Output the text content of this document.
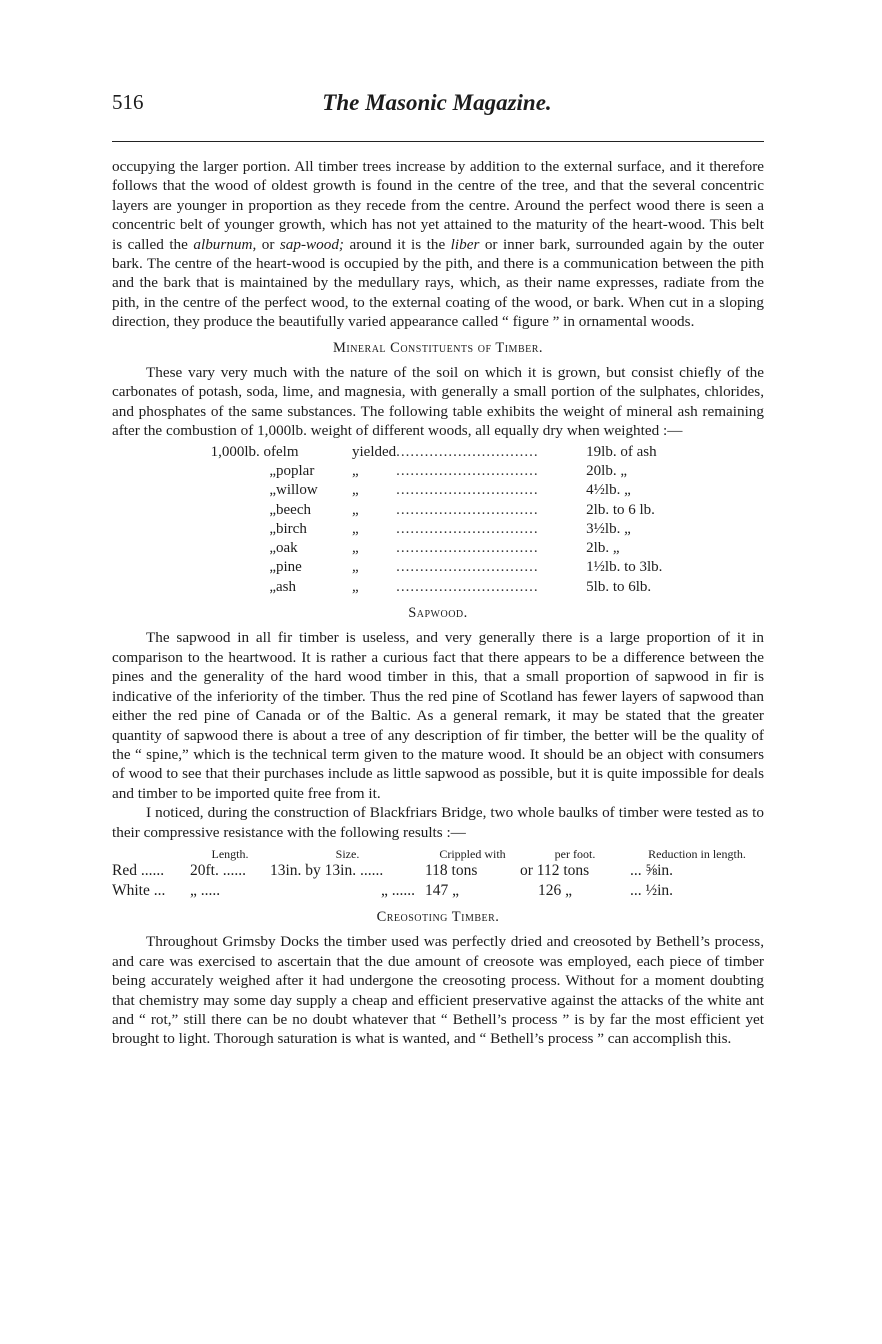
516	The Masonic Magazine.

occupying the larger portion. All timber trees increase by addition to the external surface, and it therefore follows that the wood of oldest growth is found in the centre of the tree, and that the several concentric layers are younger in proportion as they recede from the centre. Around the perfect wood there is seen a concentric belt of younger growth, which has not yet attained to the maturity of the heart-wood. This belt is called the alburnum, or sap-wood; around it is the liber or inner bark, surrounded again by the outer bark. The centre of the heart-wood is occupied by the pith, and there is a communication between the pith and the bark that is maintained by the medullary rays, which, as their name expresses, radiate from the pith, in the centre of the perfect wood, to the external coating of the wood, or bark. When cut in a sloping direction, they produce the beautifully varied appearance called “ figure ” in ornamental woods.

Mineral Constituents of Timber.

These vary very much with the nature of the soil on which it is grown, but consist chiefly of the carbonates of potash, soda, lime, and magnesia, with generally a small portion of the sulphates, chlorides, and phosphates of the same substances. The following table exhibits the weight of mineral ash remaining after the combustion of 1,000lb. weight of different woods, all equally dry when weighted :—

1,000lb. of	elm	yielded	..............................	19lb. of ash
„	poplar	„	..............................	20lb. „
„	willow	„	..............................	4½lb. „
„	beech	„	..............................	2lb. to 6 lb.
„	birch	„	..............................	3½lb. „
„	oak	„	..............................	2lb. „
„	pine	„	..............................	1½lb. to 3lb.
„	ash	„	..............................	5lb. to 6lb.
Sapwood.

The sapwood in all fir timber is useless, and very generally there is a large proportion of it in comparison to the heartwood. It is rather a curious fact that there appears to be a difference between the pines and the generality of the hard wood timber in this, that a small proportion of sapwood in fir is indicative of the inferiority of the timber. Thus the red pine of Scotland has fewer layers of sapwood than either the red pine of Canada or of the Baltic. As a general remark, it may be stated that the greater quantity of sapwood there is about a tree of any description of fir timber, the better will be the quality of the “ spine,” which is the technical term given to the mature wood. It should be an object with consumers of wood to see that their purchases include as little sapwood as possible, but it is quite impossible for deals and timber to be imported quite free from it.

I noticed, during the construction of Blackfriars Bridge, two whole baulks of timber were tested as to their compressive resistance with the following results :—

	Length.	Size.	Crippled with	per foot.	Reduction in length.
Red ......	20ft. ......	13in. by 13in. ......	118 tons	or 112 tons	... ⅝in.
White ...	„ .....	„ ......	147 „	126 „	... ½in.
Creosoting Timber.

Throughout Grimsby Docks the timber used was perfectly dried and creosoted by Bethell’s process, and care was exercised to ascertain that the due amount of creosote was employed, each piece of timber being accurately weighed after it had undergone the creosoting process. Without for a moment doubting that chemistry may some day supply a cheap and efficient preservative against the attacks of the white ant and “ rot,” still there can be no doubt whatever that “ Bethell’s process ” is by far the most efficient yet brought to light. Thorough saturation is what is wanted, and “ Bethell’s process ” can accomplish this.
